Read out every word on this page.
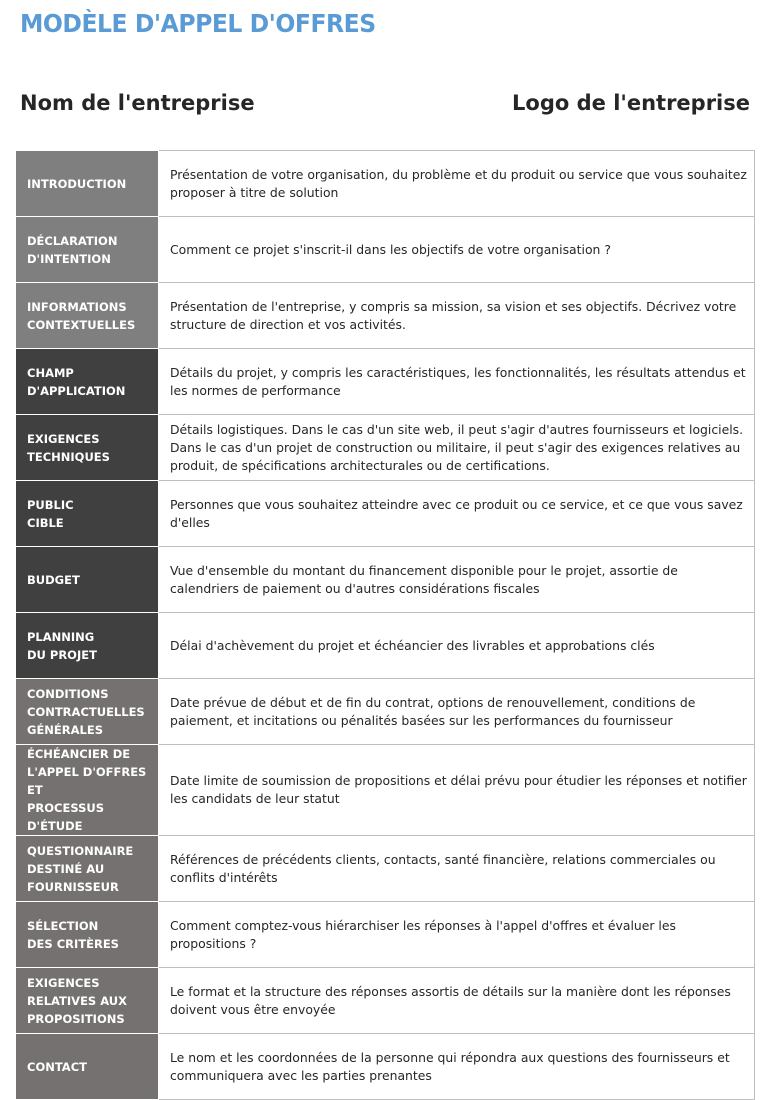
MODÈLE D'APPEL D'OFFRES
Nom de l'entreprise	Logo de l'entreprise
INTRODUCTION	Présentation de votre organisation, du problème et du produit ou service que vous souhaitez proposer à titre de solution

DÉCLARATION
D'INTENTION	Comment ce projet s'inscrit-il dans les objectifs de votre organisation ?

INFORMATIONS
CONTEXTUELLES	Présentation de l'entreprise, y compris sa mission, sa vision et ses objectifs. Décrivez votre structure de direction et vos activités.

CHAMP
D'APPLICATION	Détails du projet, y compris les caractéristiques, les fonctionnalités, les résultats attendus et les normes de performance

EXIGENCES
TECHNIQUES	Détails logistiques. Dans le cas d'un site web, il peut s'agir d'autres fournisseurs et logiciels. Dans le cas d'un projet de construction ou militaire, il peut s'agir des exigences relatives au produit, de spécifications architecturales ou de certifications.

PUBLIC
CIBLE	Personnes que vous souhaitez atteindre avec ce produit ou ce service, et ce que vous savez d'elles

BUDGET	Vue d'ensemble du montant du financement disponible pour le projet, assortie de calendriers de paiement ou d'autres considérations fiscales

PLANNING
DU PROJET	Délai d'achèvement du projet et échéancier des livrables et approbations clés

CONDITIONS
CONTRACTUELLES
GÉNÉRALES	Date prévue de début et de fin du contrat, options de renouvellement, conditions de paiement, et incitations ou pénalités basées sur les performances du fournisseur

ÉCHÉANCIER DE
L'APPEL D'OFFRES ET
PROCESSUS D'ÉTUDE	Date limite de soumission de propositions et délai prévu pour étudier les réponses et notifier les candidats de leur statut

QUESTIONNAIRE
DESTINÉ AU
FOURNISSEUR	Références de précédents clients, contacts, santé financière, relations commerciales ou conflits d'intérêts

SÉLECTION
DES CRITÈRES	Comment comptez-vous hiérarchiser les réponses à l'appel d'offres et évaluer les propositions ?

EXIGENCES
RELATIVES AUX
PROPOSITIONS	Le format et la structure des réponses assortis de détails sur la manière dont les réponses doivent vous être envoyée

CONTACT	Le nom et les coordonnées de la personne qui répondra aux questions des fournisseurs et communiquera avec les parties prenantes
